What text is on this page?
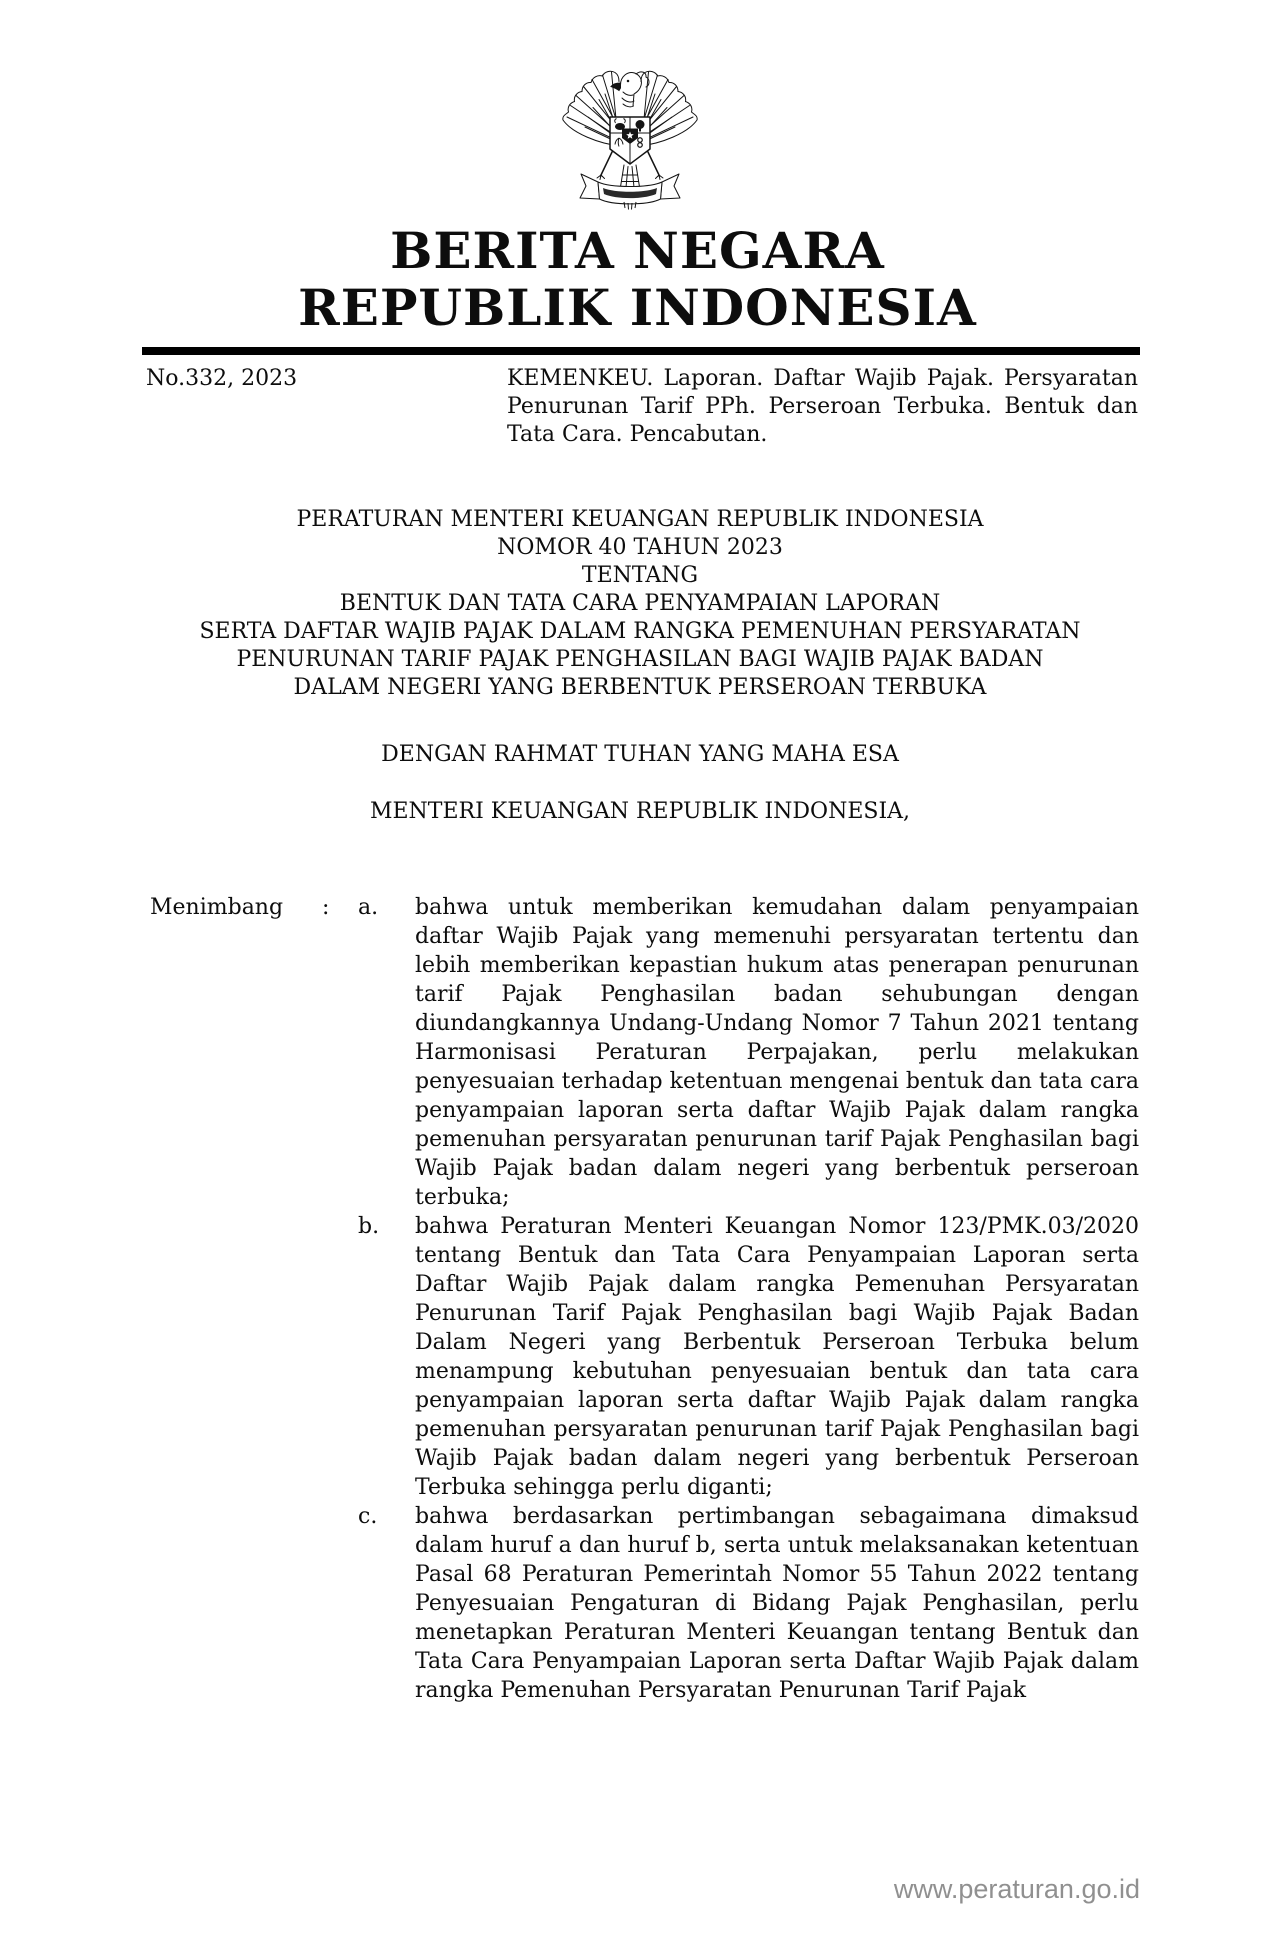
BERITA NEGARA
REPUBLIK INDONESIA
No.332, 2023	KEMENKEU. Laporan. Daftar Wajib Pajak. Persyaratan Penurunan Tarif PPh. Perseroan Terbuka. Bentuk dan Tata Cara. Pencabutan.
PERATURAN MENTERI KEUANGAN REPUBLIK INDONESIA
NOMOR 40 TAHUN 2023
TENTANG
BENTUK DAN TATA CARA PENYAMPAIAN LAPORAN
SERTA DAFTAR WAJIB PAJAK DALAM RANGKA PEMENUHAN PERSYARATAN
PENURUNAN TARIF PAJAK PENGHASILAN BAGI WAJIB PAJAK BADAN
DALAM NEGERI YANG BERBENTUK PERSEROAN TERBUKA
DENGAN RAHMAT TUHAN YANG MAHA ESA
MENTERI KEUANGAN REPUBLIK INDONESIA,
Menimbang	:	a.	bahwa untuk memberikan kemudahan dalam penyampaian daftar Wajib Pajak yang memenuhi persyaratan tertentu dan lebih memberikan kepastian hukum atas penerapan penurunan tarif Pajak Penghasilan badan sehubungan dengan diundangkannya Undang-Undang Nomor 7 Tahun 2021 tentang Harmonisasi Peraturan Perpajakan, perlu melakukan penyesuaian terhadap ketentuan mengenai bentuk dan tata cara penyampaian laporan serta daftar Wajib Pajak dalam rangka pemenuhan persyaratan penurunan tarif Pajak Penghasilan bagi Wajib Pajak badan dalam negeri yang berbentuk perseroan terbuka;
b.	bahwa Peraturan Menteri Keuangan Nomor 123/PMK.03/2020 tentang Bentuk dan Tata Cara Penyampaian Laporan serta Daftar Wajib Pajak dalam rangka Pemenuhan Persyaratan Penurunan Tarif Pajak Penghasilan bagi Wajib Pajak Badan Dalam Negeri yang Berbentuk Perseroan Terbuka belum menampung kebutuhan penyesuaian bentuk dan tata cara penyampaian laporan serta daftar Wajib Pajak dalam rangka pemenuhan persyaratan penurunan tarif Pajak Penghasilan bagi Wajib Pajak badan dalam negeri yang berbentuk Perseroan Terbuka sehingga perlu diganti;
c.	bahwa berdasarkan pertimbangan sebagaimana dimaksud dalam huruf a dan huruf b, serta untuk melaksanakan ketentuan Pasal 68 Peraturan Pemerintah Nomor 55 Tahun 2022 tentang Penyesuaian Pengaturan di Bidang Pajak Penghasilan, perlu menetapkan Peraturan Menteri Keuangan tentang Bentuk dan Tata Cara Penyampaian Laporan serta Daftar Wajib Pajak dalam rangka Pemenuhan Persyaratan Penurunan Tarif Pajak
www.peraturan.go.id
